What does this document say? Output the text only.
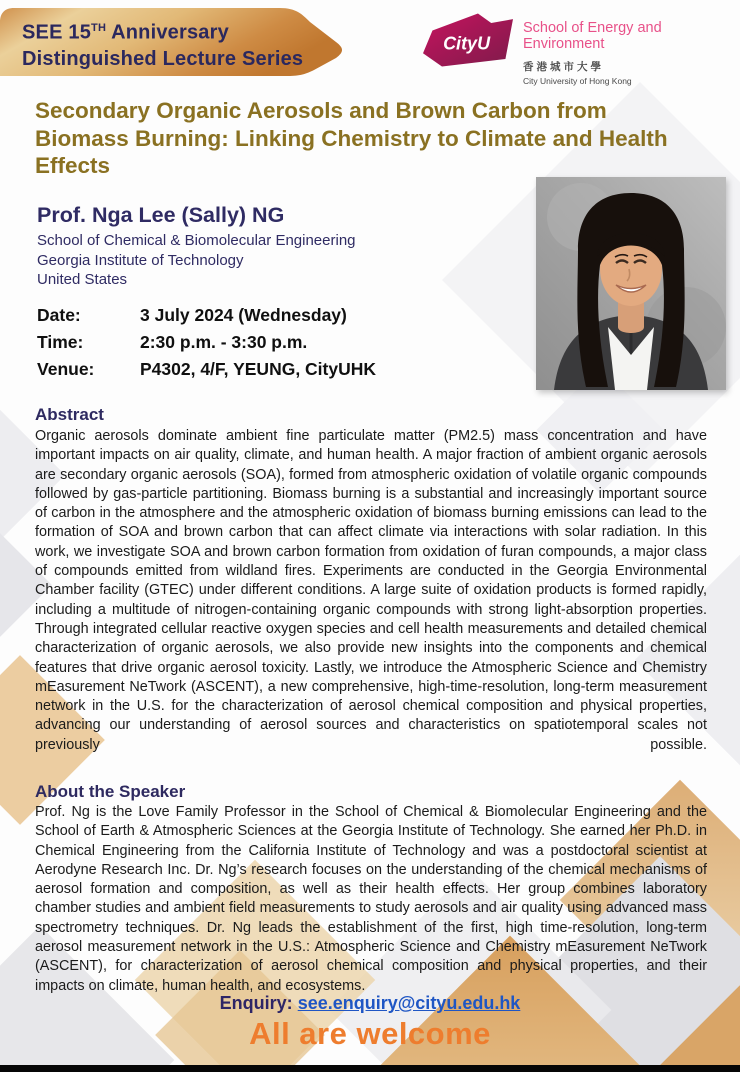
SEE 15TH Anniversary
Distinguished Lecture Series
CityU
School of Energy and Environment
香港城市大學
City University of Hong Kong
Secondary Organic Aerosols and Brown Carbon from Biomass Burning: Linking Chemistry to Climate and Health Effects
Prof. Nga Lee (Sally) NG
School of Chemical & Biomolecular Engineering
Georgia Institute of Technology
United States
Date:	3 July 2024 (Wednesday)
Time:	2:30 p.m. - 3:30 p.m.
Venue:	P4302, 4/F, YEUNG, CityUHK
Abstract
Organic aerosols dominate ambient fine particulate matter (PM2.5) mass concentration and have important impacts on air quality, climate, and human health. A major fraction of ambient organic aerosols are secondary organic aerosols (SOA), formed from atmospheric oxidation of volatile organic compounds followed by gas-particle partitioning. Biomass burning is a substantial and increasingly important source of carbon in the atmosphere and the atmospheric oxidation of biomass burning emissions can lead to the formation of SOA and brown carbon that can affect climate via interactions with solar radiation. In this work, we investigate SOA and brown carbon formation from oxidation of furan compounds, a major class of compounds emitted from wildland fires. Experiments are conducted in the Georgia Environmental Chamber facility (GTEC) under different conditions. A large suite of oxidation products is formed rapidly, including a multitude of nitrogen-containing organic compounds with strong light-absorption properties. Through integrated cellular reactive oxygen species and cell health measurements and detailed chemical characterization of organic aerosols, we also provide new insights into the components and chemical features that drive organic aerosol toxicity. Lastly, we introduce the Atmospheric Science and Chemistry mEasurement NeTwork (ASCENT), a new comprehensive, high-time-resolution, long-term measurement network in the U.S. for the characterization of aerosol chemical composition and physical properties, advancing our understanding of aerosol sources and characteristics on spatiotemporal scales not previously possible.
About the Speaker
Prof. Ng is the Love Family Professor in the School of Chemical & Biomolecular Engineering and the School of Earth & Atmospheric Sciences at the Georgia Institute of Technology. She earned her Ph.D. in Chemical Engineering from the California Institute of Technology and was a postdoctoral scientist at Aerodyne Research Inc. Dr. Ng’s research focuses on the understanding of the chemical mechanisms of aerosol formation and composition, as well as their health effects. Her group combines laboratory chamber studies and ambient field measurements to study aerosols and air quality using advanced mass spectrometry techniques. Dr. Ng leads the establishment of the first, high time-resolution, long-term aerosol measurement network in the U.S.: Atmospheric Science and Chemistry mEasurement NeTwork (ASCENT), for characterization of aerosol chemical composition and physical properties, and their impacts on climate, human health, and ecosystems.
Enquiry: see.enquiry@cityu.edu.hk
All are welcome
